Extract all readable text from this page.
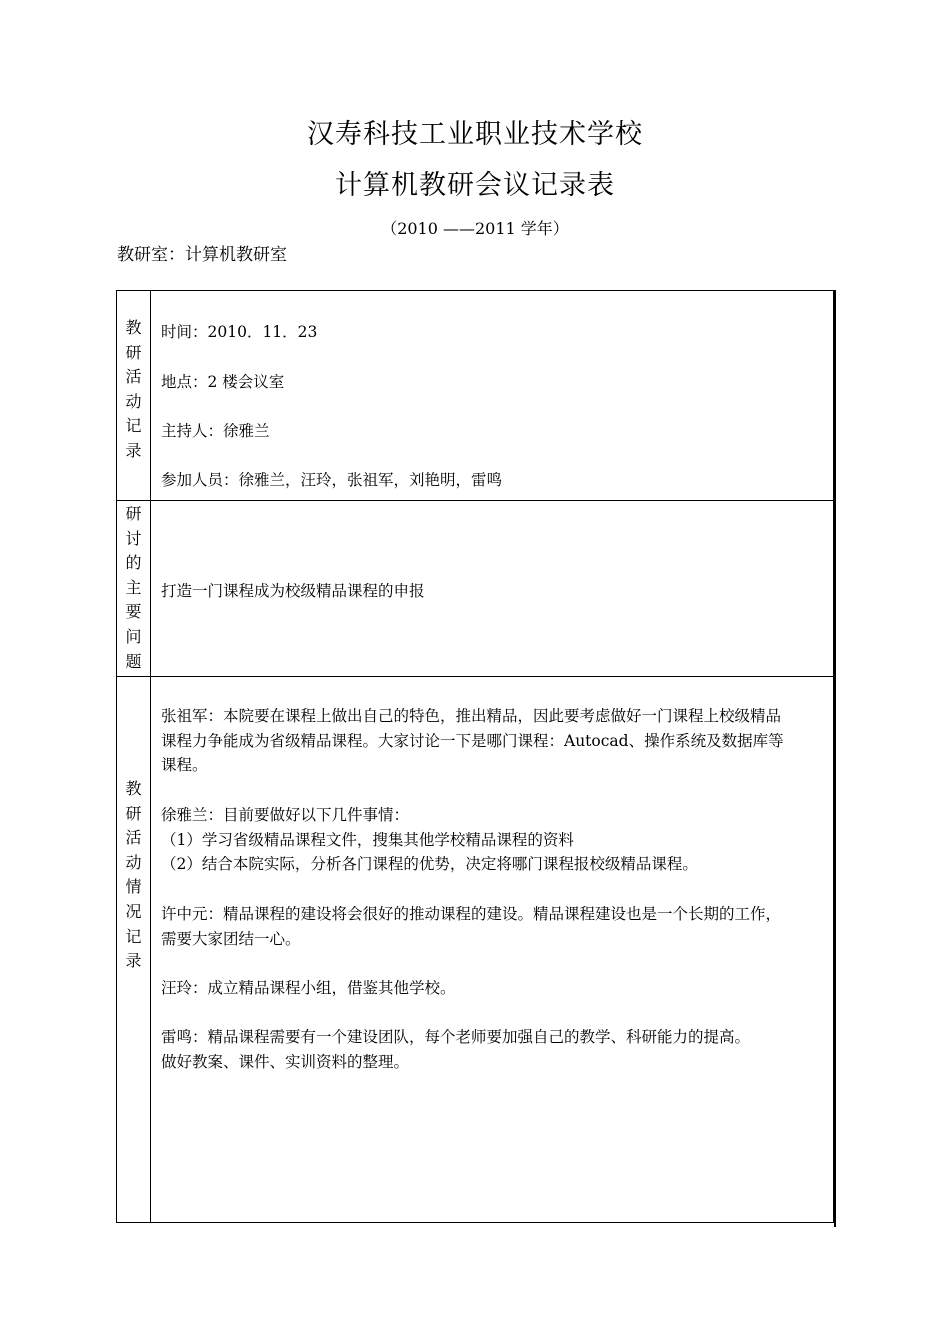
汉寿科技工业职业技术学校
计算机教研会议记录表
（2010 ——2011 学年）
教研室：计算机教研室
教
研
活
动
记
录
时间：2010．11．23
地点：2 楼会议室
主持人：徐雅兰
参加人员：徐雅兰，汪玲，张祖军，刘艳明，雷鸣
研
讨
的
主
要
问
题
打造一门课程成为校级精品课程的申报
教
研
活
动
情
况
记
录
张祖军：本院要在课程上做出自己的特色，推出精品，因此要考虑做好一门课程上校级精品
课程力争能成为省级精品课程。大家讨论一下是哪门课程：Autocad、操作系统及数据库等
课程。
徐雅兰：目前要做好以下几件事情：
（1）学习省级精品课程文件，搜集其他学校精品课程的资料
（2）结合本院实际，分析各门课程的优势，决定将哪门课程报校级精品课程。
许中元：精品课程的建设将会很好的推动课程的建设。精品课程建设也是一个长期的工作，
需要大家团结一心。
汪玲：成立精品课程小组，借鉴其他学校。
雷鸣：精品课程需要有一个建设团队，每个老师要加强自己的教学、科研能力的提高。
做好教案、课件、实训资料的整理。
